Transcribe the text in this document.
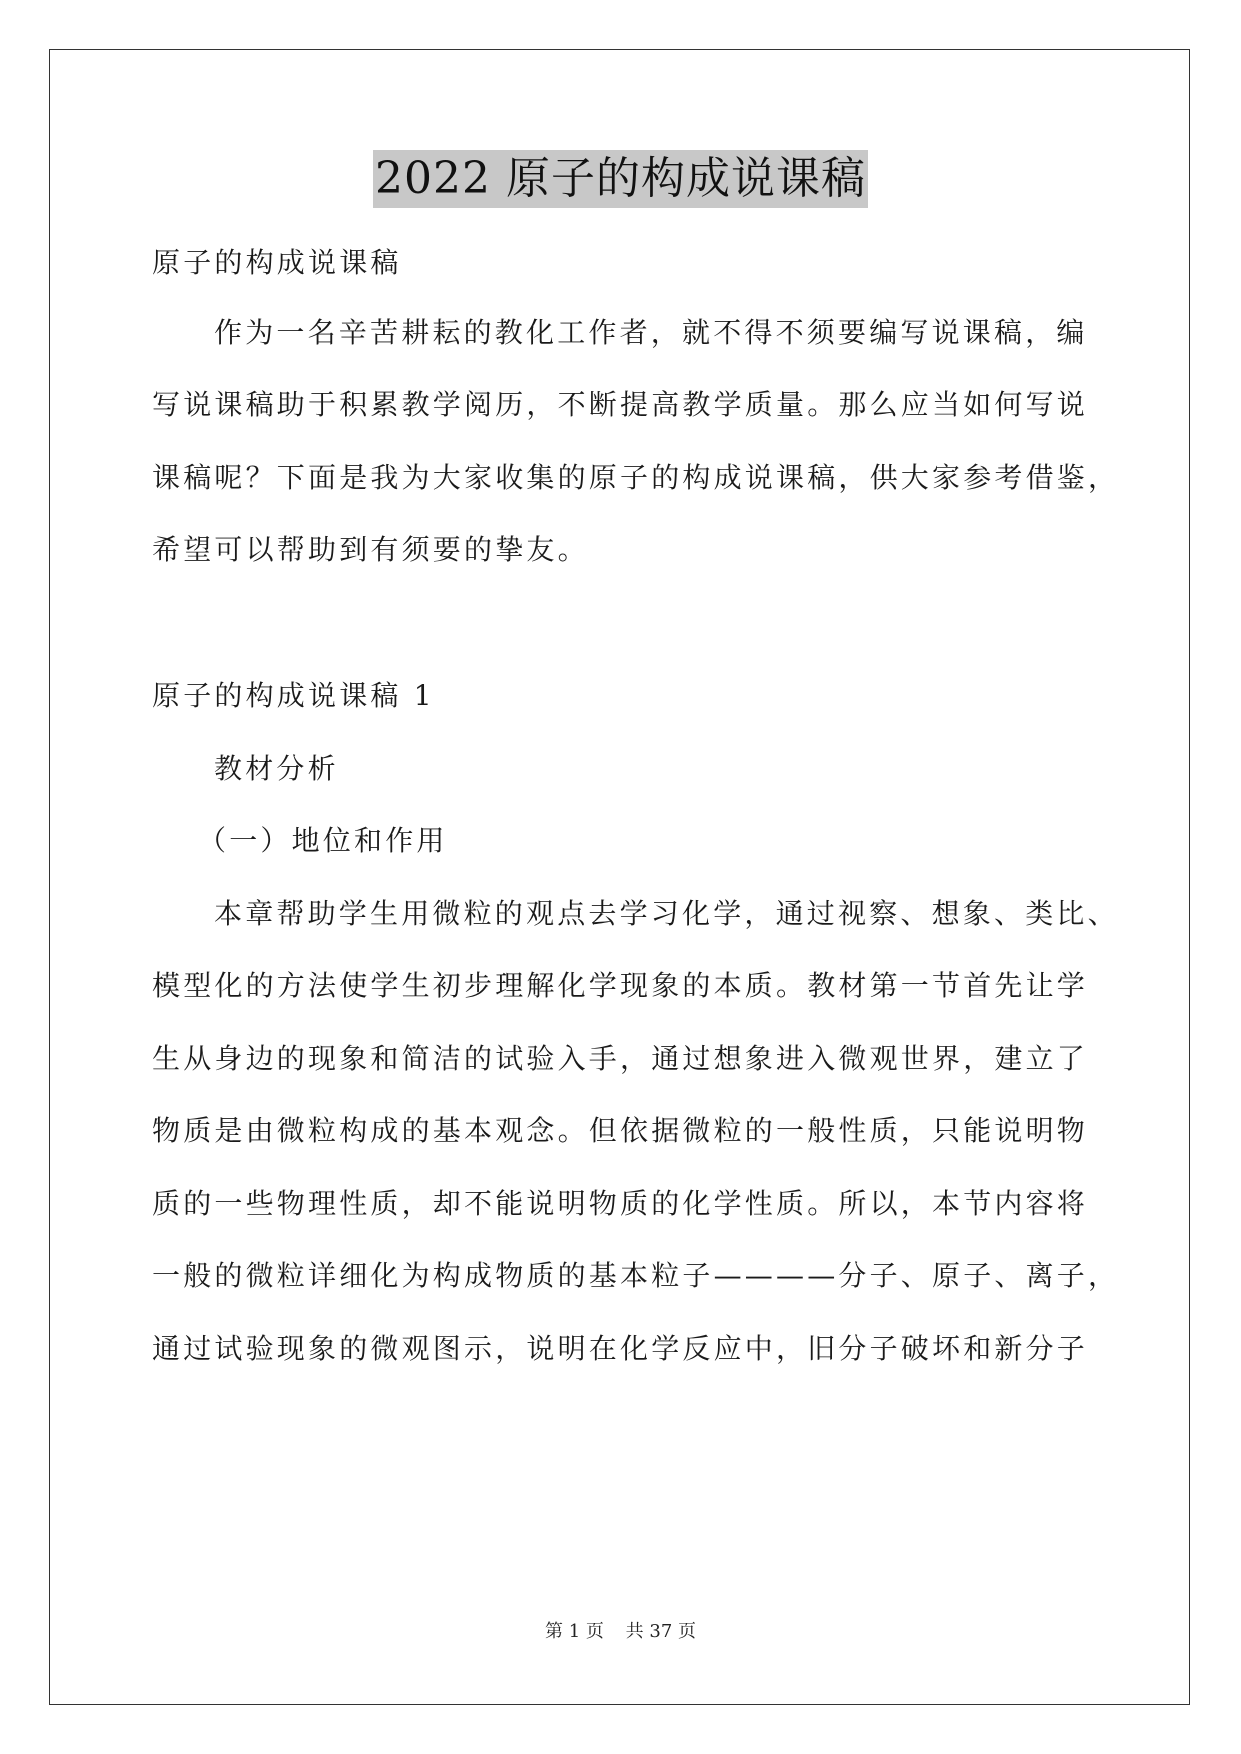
2022 原子的构成说课稿
原子的构成说课稿
作为一名辛苦耕耘的教化工作者，就不得不须要编写说课稿，编
写说课稿助于积累教学阅历，不断提高教学质量。那么应当如何写说
课稿呢？下面是我为大家收集的原子的构成说课稿，供大家参考借鉴，
希望可以帮助到有须要的挚友。
原子的构成说课稿 1
教材分析
（一）地位和作用
本章帮助学生用微粒的观点去学习化学，通过视察、想象、类比、
模型化的方法使学生初步理解化学现象的本质。教材第一节首先让学
生从身边的现象和简洁的试验入手，通过想象进入微观世界，建立了
物质是由微粒构成的基本观念。但依据微粒的一般性质，只能说明物
质的一些物理性质，却不能说明物质的化学性质。所以，本节内容将
一般的微粒详细化为构成物质的基本粒子————分子、原子、离子，
通过试验现象的微观图示，说明在化学反应中，旧分子破坏和新分子
第 1 页 共 37 页
